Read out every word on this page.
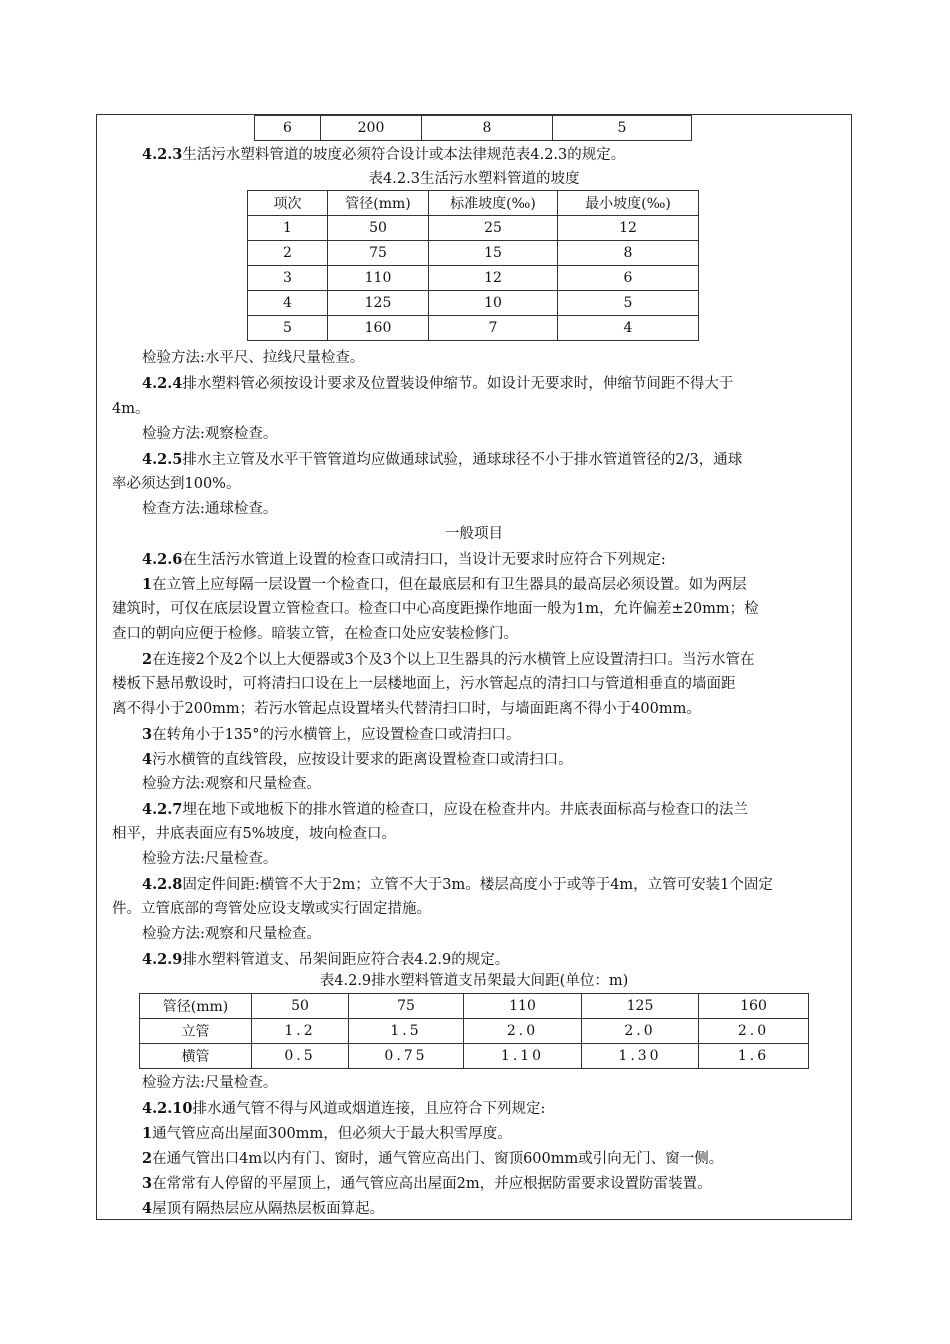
6	200	8	5
4.2.3生活污水塑料管道的坡度必须符合设计或本法律规范表4.2.3的规定。
表4.2.3生活污水塑料管道的坡度
项次	管径(mm)	标准坡度(‰)	最小坡度(‰)
1	50	25	12
2	75	15	8
3	110	12	6
4	125	10	5
5	160	7	4
检验方法:水平尺、拉线尺量检查。
4.2.4排水塑料管必须按设计要求及位置装设伸缩节。如设计无要求时，伸缩节间距不得大于
4m。
检验方法:观察检查。
4.2.5排水主立管及水平干管管道均应做通球试验，通球球径不小于排水管道管径的2/3，通球
率必须达到100%。
检查方法:通球检查。
一般项目
4.2.6在生活污水管道上设置的检查口或清扫口，当设计无要求时应符合下列规定:
1在立管上应每隔一层设置一个检查口，但在最底层和有卫生器具的最高层必须设置。如为两层
建筑时，可仅在底层设置立管检查口。检查口中心高度距操作地面一般为1m，允许偏差±20mm；检
查口的朝向应便于检修。暗装立管，在检查口处应安装检修门。
2在连接2个及2个以上大便器或3个及3个以上卫生器具的污水横管上应设置清扫口。当污水管在
楼板下悬吊敷设时，可将清扫口设在上一层楼地面上，污水管起点的清扫口与管道相垂直的墙面距
离不得小于200mm；若污水管起点设置堵头代替清扫口时，与墙面距离不得小于400mm。
3在转角小于135°的污水横管上，应设置检查口或清扫口。
4污水横管的直线管段，应按设计要求的距离设置检查口或清扫口。
检验方法:观察和尺量检查。
4.2.7埋在地下或地板下的排水管道的检查口，应设在检查井内。井底表面标高与检查口的法兰
相平，井底表面应有5%坡度，坡向检查口。
检验方法:尺量检查。
4.2.8固定件间距:横管不大于2m；立管不大于3m。楼层高度小于或等于4m，立管可安装1个固定
件。立管底部的弯管处应设支墩或实行固定措施。
检验方法:观察和尺量检查。
4.2.9排水塑料管道支、吊架间距应符合表4.2.9的规定。
表4.2.9排水塑料管道支吊架最大间距(单位：m)
管径(mm)	50	75	110	125	160
立管	1.2	1.5	2.0	2.0	2.0
横管	0.5	0.75	1.10	1.30	1.6
检验方法:尺量检查。
4.2.10排水通气管不得与风道或烟道连接，且应符合下列规定:
1通气管应高出屋面300mm，但必须大于最大积雪厚度。
2在通气管出口4m以内有门、窗时，通气管应高出门、窗顶600mm或引向无门、窗一侧。
3在常常有人停留的平屋顶上，通气管应高出屋面2m，并应根据防雷要求设置防雷装置。
4屋顶有隔热层应从隔热层板面算起。
